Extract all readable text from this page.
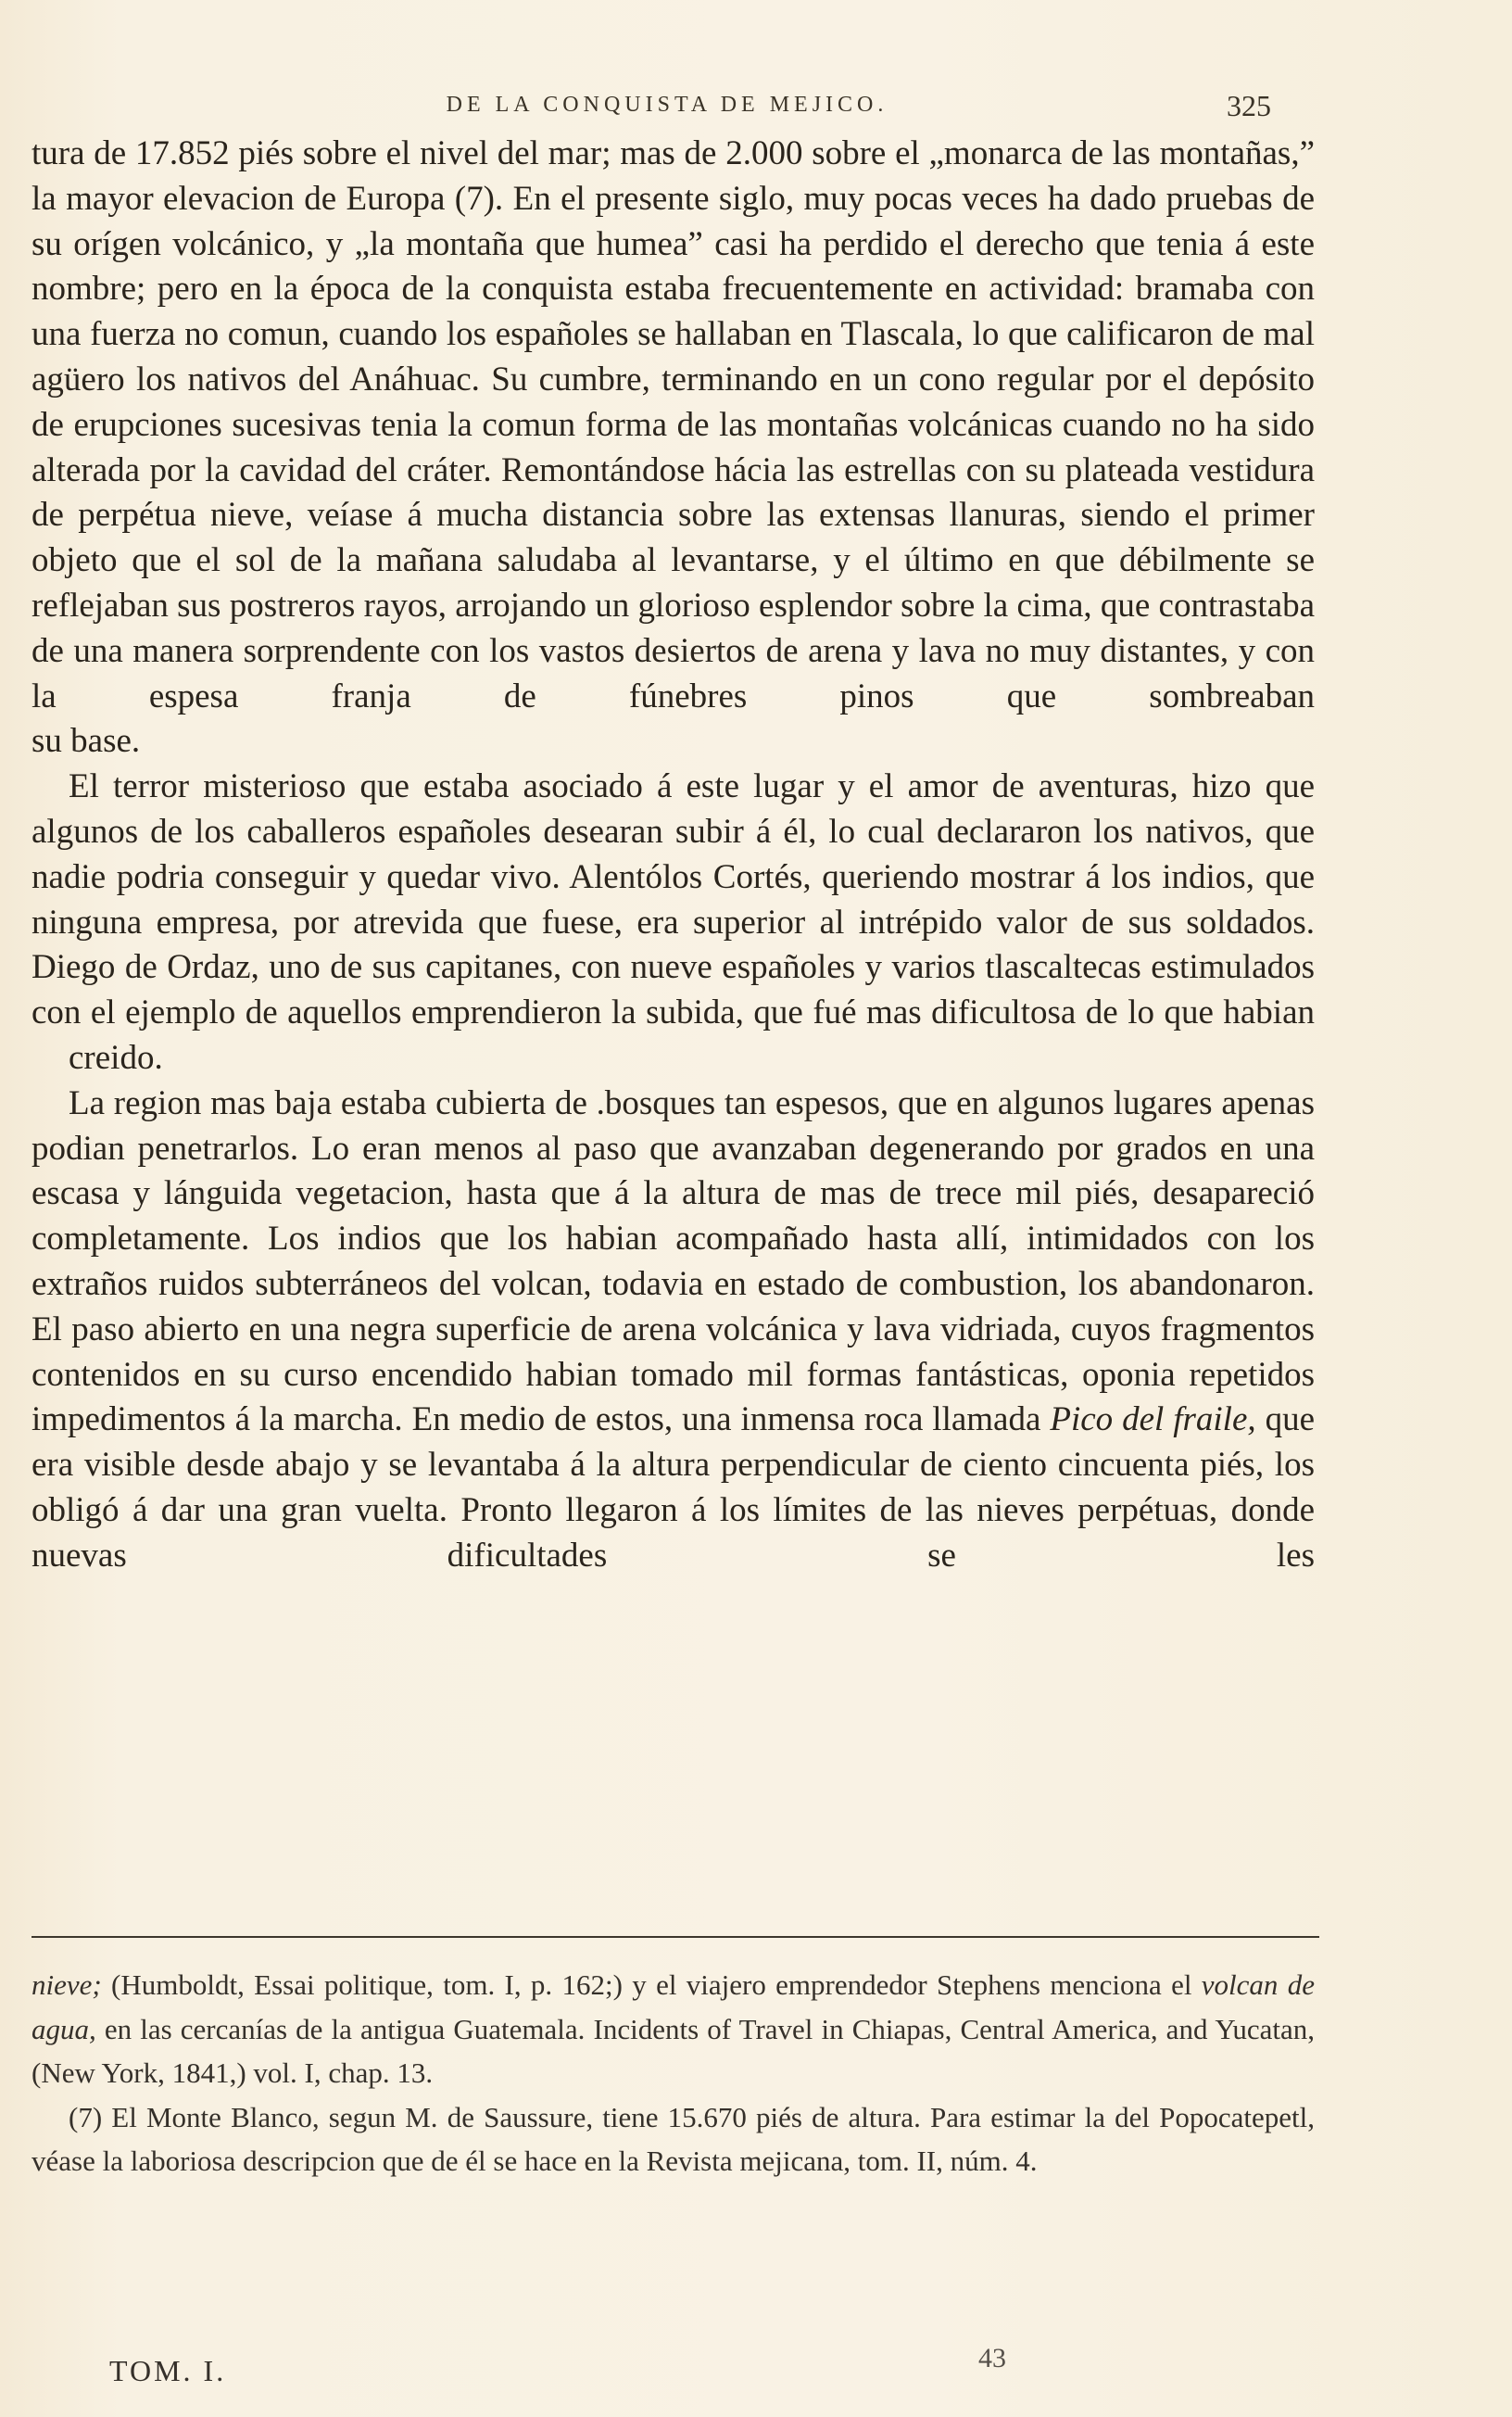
DE LA CONQUISTA DE MEJICO.	325

tura de 17.852 piés sobre el nivel del mar; mas de 2.000 sobre el „monarca de las montañas,” la mayor elevacion de Europa (7). En el presente siglo, muy pocas veces ha dado pruebas de su orígen volcánico, y „la montaña que humea” casi ha perdido el derecho que tenia á este nombre; pero en la época de la conquista estaba frecuentemente en actividad: bramaba con una fuerza no comun, cuando los españoles se hallaban en Tlascala, lo que calificaron de mal agüero los nativos del Anáhuac. Su cumbre, terminando en un cono regular por el depósito de erupciones sucesivas tenia la comun forma de las montañas volcánicas cuando no ha sido alterada por la cavidad del cráter. Remontándose hácia las estrellas con su plateada vestidura de perpétua nieve, veíase á mucha distancia sobre las extensas llanuras, siendo el primer objeto que el sol de la mañana saludaba al levantarse, y el último en que débilmente se reflejaban sus postreros rayos, arrojando un glorioso esplendor sobre la cima, que contrastaba de una manera sorprendente con los vastos desiertos de arena y lava no muy distantes, y con la espesa franja de fúnebres pinos que sombreaban
su base.

El terror misterioso que estaba asociado á este lugar y el amor de aventuras, hizo que algunos de los caballeros españoles desearan subir á él, lo cual declararon los nativos, que nadie podria conseguir y quedar vivo. Alentólos Cortés, queriendo mostrar á los indios, que ninguna empresa, por atrevida que fuese, era superior al intrépido valor de sus soldados. Diego de Ordaz, uno de sus capitanes, con nueve españoles y varios tlascaltecas estimulados con el ejemplo de aquellos emprendieron la subida, que fué mas dificultosa de lo que habian
creido.

La region mas baja estaba cubierta de .bosques tan espesos, que en algunos lugares apenas podian penetrarlos. Lo eran menos al paso que avanzaban degenerando por grados en una escasa y lánguida vegetacion, hasta que á la altura de mas de trece mil piés, desapareció completamente. Los indios que los habian acompañado hasta allí, intimidados con los extraños ruidos subterráneos del volcan, todavia en estado de combustion, los abandonaron. El paso abierto en una negra superficie de arena volcánica y lava vidriada, cuyos fragmentos contenidos en su curso encendido habian tomado mil formas fantásticas, oponia repetidos impedimentos á la marcha. En medio de estos, una inmensa roca llamada Pico del fraile, que era visible desde abajo y se levantaba á la altura perpendicular de ciento cincuenta piés, los obligó á dar una gran vuelta. Pronto llegaron á los límites de las nieves perpétuas, donde nuevas dificultades se les

nieve; (Humboldt, Essai politique, tom. I, p. 162;) y el viajero emprendedor Stephens menciona el volcan de agua, en las cercanías de la antigua Guatemala. Incidents of Travel in Chiapas, Central America, and Yucatan, (New York, 1841,) vol. I, chap. 13.

(7) El Monte Blanco, segun M. de Saussure, tiene 15.670 piés de altura. Para estimar la del Popocatepetl, véase la laboriosa descripcion que de él se hace en la Revista mejicana, tom. II, núm. 4.

TOM. I.	43
